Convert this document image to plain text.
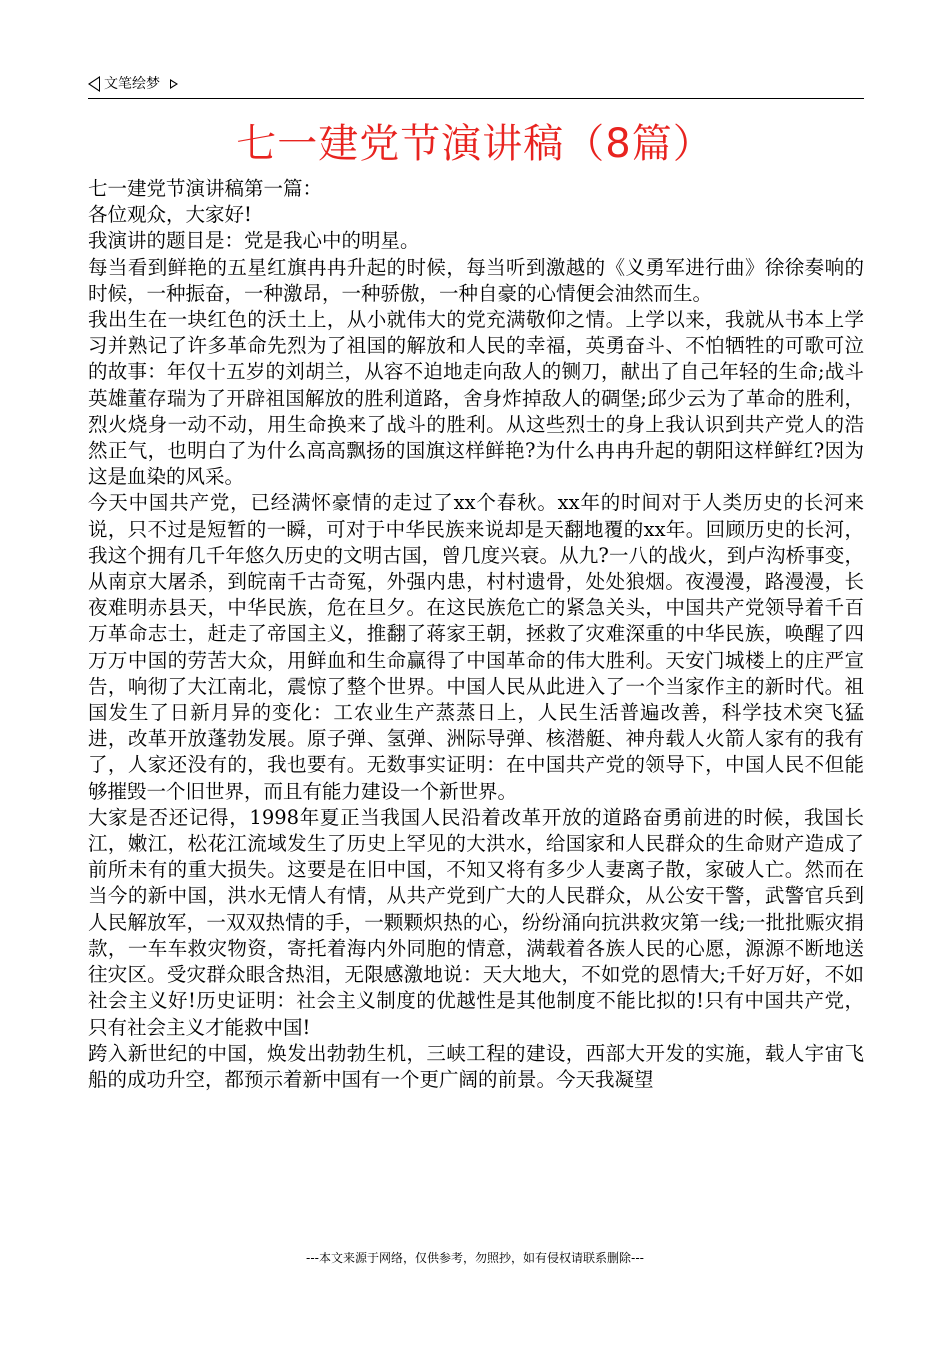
文笔绘梦
七一建党节演讲稿（8篇）

七一建党节演讲稿第一篇：

各位观众，大家好!

我演讲的题目是：党是我心中的明星。

每当看到鲜艳的五星红旗冉冉升起的时候，每当听到激越的《义勇军进行曲》徐徐奏响的时候，一种振奋，一种激昂，一种骄傲，一种自豪的心情便会油然而生。

我出生在一块红色的沃土上，从小就伟大的党充满敬仰之情。上学以来，我就从书本上学习并熟记了许多革命先烈为了祖国的解放和人民的幸福，英勇奋斗、不怕牺牲的可歌可泣的故事：年仅十五岁的刘胡兰，从容不迫地走向敌人的铡刀，献出了自己年轻的生命;战斗英雄董存瑞为了开辟祖国解放的胜利道路，舍身炸掉敌人的碉堡;邱少云为了革命的胜利，烈火烧身一动不动，用生命换来了战斗的胜利。从这些烈士的身上我认识到共产党人的浩然正气，也明白了为什么高高飘扬的国旗这样鲜艳?为什么冉冉升起的朝阳这样鲜红?因为这是血染的风采。

今天中国共产党，已经满怀豪情的走过了xx个春秋。xx年的时间对于人类历史的长河来说，只不过是短暂的一瞬，可对于中华民族来说却是天翻地覆的xx年。回顾历史的长河，我这个拥有几千年悠久历史的文明古国，曾几度兴衰。从九?一八的战火，到卢沟桥事变，从南京大屠杀，到皖南千古奇冤，外强内患，村村遗骨，处处狼烟。夜漫漫，路漫漫，长夜难明赤县天，中华民族，危在旦夕。在这民族危亡的紧急关头，中国共产党领导着千百万革命志士，赶走了帝国主义，推翻了蒋家王朝，拯救了灾难深重的中华民族，唤醒了四万万中国的劳苦大众，用鲜血和生命赢得了中国革命的伟大胜利。天安门城楼上的庄严宣告，响彻了大江南北，震惊了整个世界。中国人民从此进入了一个当家作主的新时代。祖国发生了日新月异的变化：工农业生产蒸蒸日上，人民生活普遍改善，科学技术突飞猛进，改革开放蓬勃发展。原子弹、氢弹、洲际导弹、核潜艇、神舟载人火箭人家有的我有了，人家还没有的，我也要有。无数事实证明：在中国共产党的领导下，中国人民不但能够摧毁一个旧世界，而且有能力建设一个新世界。

大家是否还记得，1998年夏正当我国人民沿着改革开放的道路奋勇前进的时候，我国长江，嫩江，松花江流域发生了历史上罕见的大洪水，给国家和人民群众的生命财产造成了前所未有的重大损失。这要是在旧中国，不知又将有多少人妻离子散，家破人亡。然而在当今的新中国，洪水无情人有情，从共产党到广大的人民群众，从公安干警，武警官兵到人民解放军，一双双热情的手，一颗颗炽热的心，纷纷涌向抗洪救灾第一线;一批批赈灾捐款，一车车救灾物资，寄托着海内外同胞的情意，满载着各族人民的心愿，源源不断地送往灾区。受灾群众眼含热泪，无限感激地说：天大地大，不如党的恩情大;千好万好，不如社会主义好!历史证明：社会主义制度的优越性是其他制度不能比拟的!只有中国共产党，只有社会主义才能救中国!

跨入新世纪的中国，焕发出勃勃生机，三峡工程的建设，西部大开发的实施，载人宇宙飞船的成功升空，都预示着新中国有一个更广阔的前景。今天我凝望

---本文来源于网络，仅供参考，勿照抄，如有侵权请联系删除---
